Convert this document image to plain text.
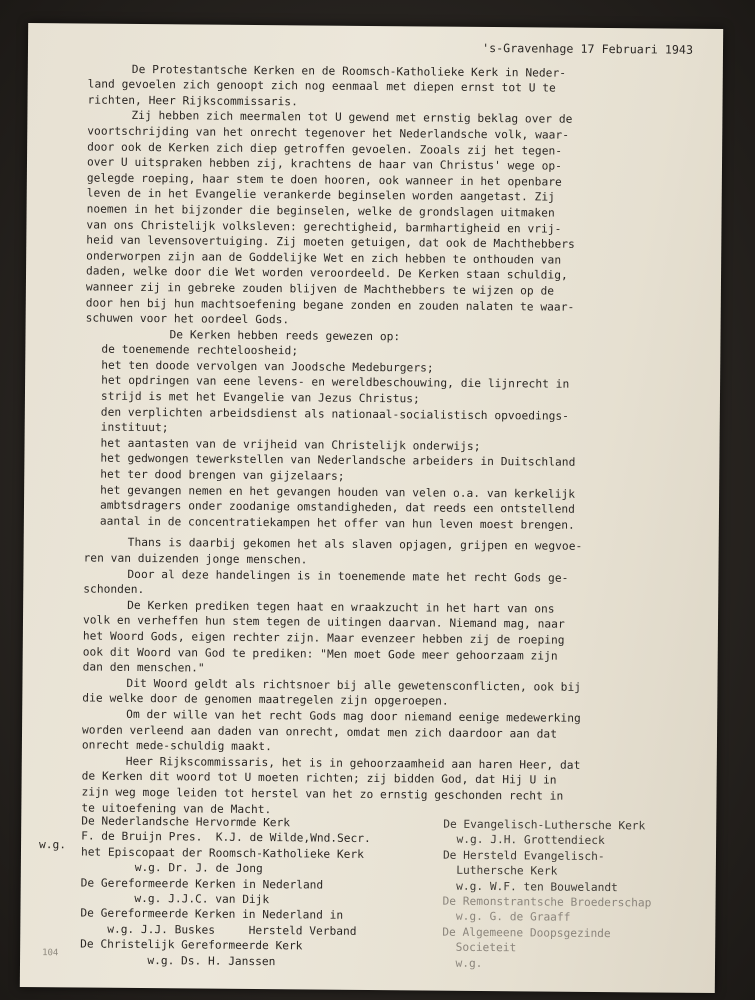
's-Gravenhage 17 Februari 1943
De Protestantsche Kerken en de Roomsch-Katholieke Kerk in Neder-
land gevoelen zich genoopt zich nog eenmaal met diepen ernst tot U te
richten, Heer Rijkscommissaris.
Zij hebben zich meermalen tot U gewend met ernstig beklag over de
voortschrijding van het onrecht tegenover het Nederlandsche volk, waar-
door ook de Kerken zich diep getroffen gevoelen. Zooals zij het tegen-
over U uitspraken hebben zij, krachtens de haar van Christus' wege op-
gelegde roeping, haar stem te doen hooren, ook wanneer in het openbare
leven de in het Evangelie verankerde beginselen worden aangetast. Zij
noemen in het bijzonder die beginselen, welke de grondslagen uitmaken
van ons Christelijk volksleven: gerechtigheid, barmhartigheid en vrij-
heid van levensovertuiging. Zij moeten getuigen, dat ook de Machthebbers
onderworpen zijn aan de Goddelijke Wet en zich hebben te onthouden van
daden, welke door die Wet worden veroordeeld. De Kerken staan schuldig,
wanneer zij in gebreke zouden blijven de Machthebbers te wijzen op de
door hen bij hun machtsoefening begane zonden en zouden nalaten te waar-
schuwen voor het oordeel Gods.
De Kerken hebben reeds gewezen op:
de toenemende rechteloosheid;
het ten doode vervolgen van Joodsche Medeburgers;
het opdringen van eene levens- en wereldbeschouwing, die lijnrecht in
strijd is met het Evangelie van Jezus Christus;
den verplichten arbeidsdienst als nationaal-socialistisch opvoedings-
instituut;
het aantasten van de vrijheid van Christelijk onderwijs;
het gedwongen tewerkstellen van Nederlandsche arbeiders in Duitschland
het ter dood brengen van gijzelaars;
het gevangen nemen en het gevangen houden van velen o.a. van kerkelijk
ambtsdragers onder zoodanige omstandigheden, dat reeds een ontstellend
aantal in de concentratiekampen het offer van hun leven moest brengen.
Thans is daarbij gekomen het als slaven opjagen, grijpen en wegvoe-
ren van duizenden jonge menschen.
Door al deze handelingen is in toenemende mate het recht Gods ge-
schonden.
De Kerken prediken tegen haat en wraakzucht in het hart van ons
volk en verheffen hun stem tegen de uitingen daarvan. Niemand mag, naar
het Woord Gods, eigen rechter zijn. Maar evenzeer hebben zij de roeping
ook dit Woord van God te prediken: "Men moet Gode meer gehoorzaam zijn
dan den menschen."
Dit Woord geldt als richtsnoer bij alle gewetensconflicten, ook bij
die welke door de genomen maatregelen zijn opgeroepen.
Om der wille van het recht Gods mag door niemand eenige medewerking
worden verleend aan daden van onrecht, omdat men zich daardoor aan dat
onrecht mede-schuldig maakt.
Heer Rijkscommissaris, het is in gehoorzaamheid aan haren Heer, dat
de Kerken dit woord tot U moeten richten; zij bidden God, dat Hij U in
zijn weg moge leiden tot herstel van het zo ernstig geschonden recht in
te uitoefening van de Macht.
w.g.
De Nederlandsche Hervormde Kerk
F. de Bruijn Pres.  K.J. de Wilde,Wnd.Secr.
het Episcopaat der Roomsch-Katholieke Kerk
w.g. Dr. J. de Jong
De Gereformeerde Kerken in Nederland
w.g. J.J.C. van Dijk
De Gereformeerde Kerken in Nederland in
w.g. J.J. Buskes     Hersteld Verband
De Christelijk Gereformeerde Kerk
w.g. Ds. H. Janssen
De Evangelisch-Luthersche Kerk
w.g. J.H. Grottendieck
De Hersteld Evangelisch-
Luthersche Kerk
w.g. W.F. ten Bouwelandt
De Remonstrantsche Broederschap
w.g. G. de Graaff
De Algemeene Doopsgezinde
Societeit
w.g.
104
